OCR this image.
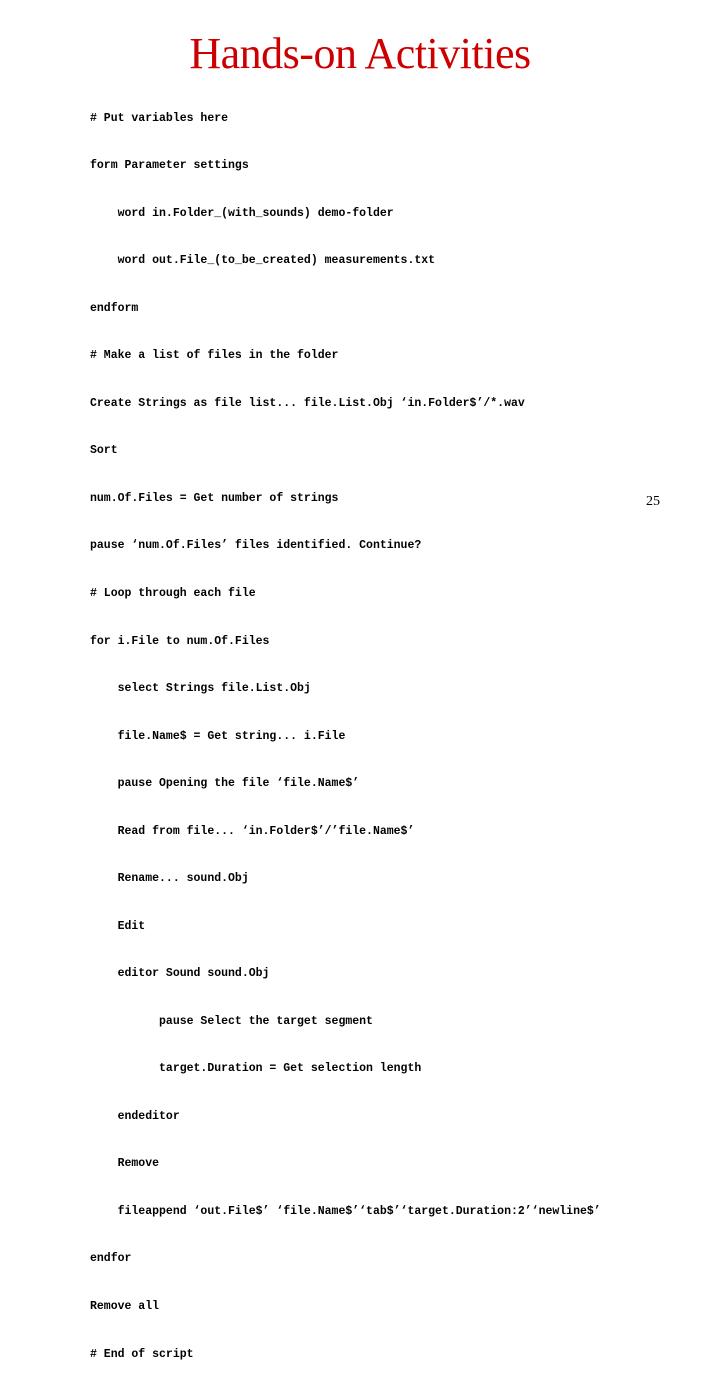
Hands-on Activities

# Put variables here

form Parameter settings

word in.Folder_(with_sounds) demo-folder

word out.File_(to_be_created) measurements.txt

endform

# Make a list of files in the folder

Create Strings as file list... file.List.Obj ‘in.Folder$’/*.wav

Sort

num.Of.Files = Get number of strings

pause ‘num.Of.Files’ files identified. Continue?

# Loop through each file

for i.File to num.Of.Files

select Strings file.List.Obj

file.Name$ = Get string... i.File

pause Opening the file ‘file.Name$’

Read from file... ‘in.Folder$’/’file.Name$’

Rename... sound.Obj

Edit

editor Sound sound.Obj

pause Select the target segment

target.Duration = Get selection length

endeditor

Remove

fileappend ‘out.File$’ ‘file.Name$’‘tab$’‘target.Duration:2’‘newline$’

endfor

Remove all

# End of script

25
